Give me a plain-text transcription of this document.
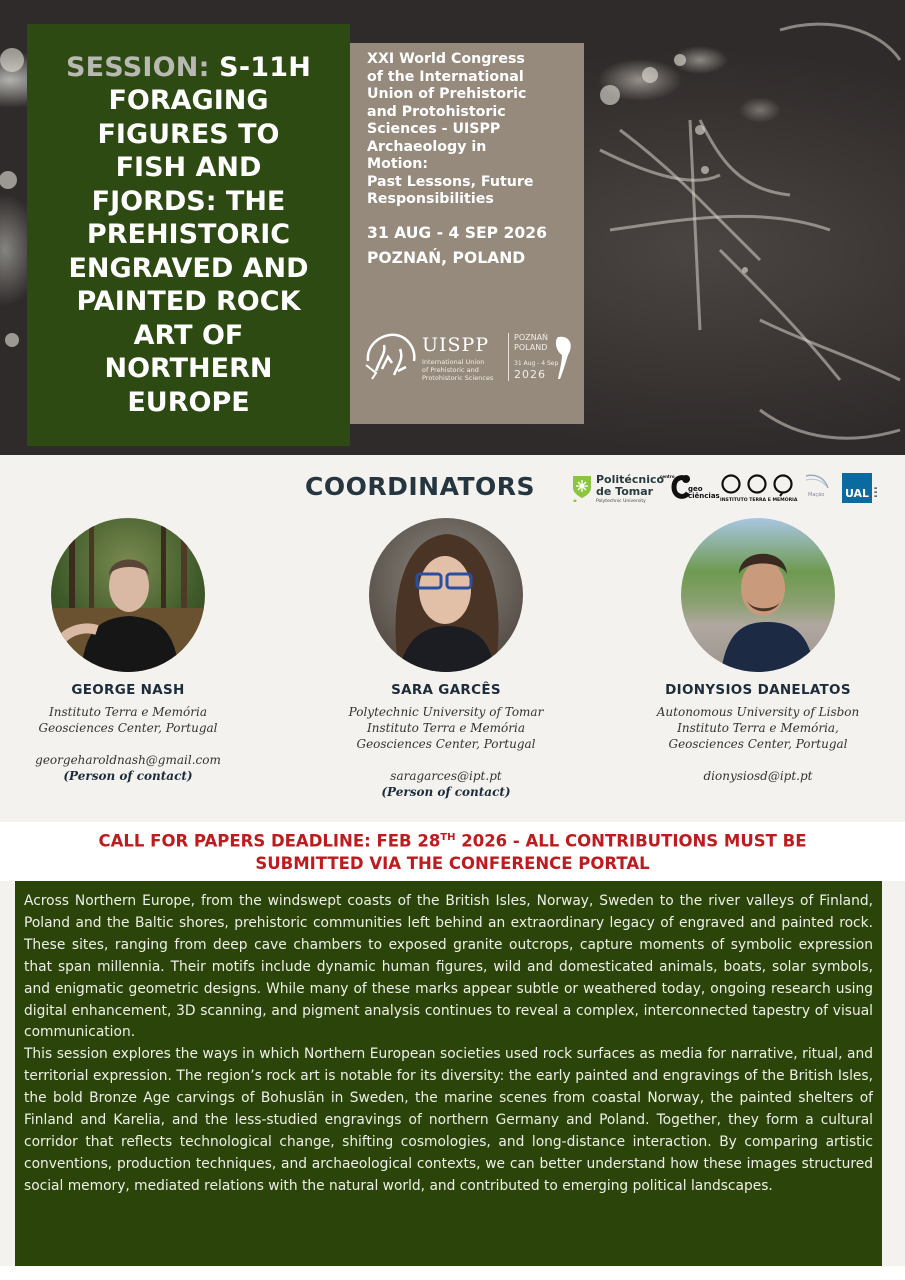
SESSION: S-11H
FORAGING
FIGURES TO
FISH AND
FJORDS: THE
PREHISTORIC
ENGRAVED AND
PAINTED ROCK
ART OF
NORTHERN
EUROPE
XXI World Congress
of the International
Union of Prehistoric
and Protohistoric
Sciences - UISPP
Archaeology in
Motion:
Past Lessons, Future
Responsibilities
31 AUG - 4 SEP 2026
POZNAŃ, POLAND
UISPP
International Union
of Prehistoric and
Protohistoric Sciences
POZNAŃ
POLAND
31 Aug - 4 Sep
2026
COORDINATORS	Politécnico
de Tomar
Polytechnic University
centro
geo
ciências
INSTITUTO TERRA E MEMÓRIA
Mação	UAL	▬
▬
▬
GEORGE NASH
Instituto Terra e Memória
Geosciences Center, Portugal
georgeharoldnash@gmail.com
(Person of contact)
SARA GARCÊS
Polytechnic University of Tomar
Instituto Terra e Memória
Geosciences Center, Portugal
saragarces@ipt.pt
(Person of contact)
DIONYSIOS DANELATOS
Autonomous University of Lisbon
Instituto Terra e Memória,
Geosciences Center, Portugal
dionysiosd@ipt.pt
CALL FOR PAPERS DEADLINE: FEB 28TH 2026 - ALL CONTRIBUTIONS MUST BE
SUBMITTED VIA THE CONFERENCE PORTAL

Across Northern Europe, from the windswept coasts of the British Isles, Norway, Sweden to the river valleys of Finland, Poland and the Baltic shores, prehistoric communities left behind an extraordinary legacy of engraved and painted rock. These sites, ranging from deep cave chambers to exposed granite outcrops, capture moments of symbolic expression that span millennia. Their motifs include dynamic human figures, wild and domesticated animals, boats, solar symbols, and enigmatic geometric designs. While many of these marks appear subtle or weathered today, ongoing research using digital enhancement, 3D scanning, and pigment analysis continues to reveal a complex, interconnected tapestry of visual communication.

This session explores the ways in which Northern European societies used rock surfaces as media for narrative, ritual, and territorial expression. The region’s rock art is notable for its diversity: the early painted and engravings of the British Isles, the bold Bronze Age carvings of Bohuslän in Sweden, the marine scenes from coastal Norway, the painted shelters of Finland and Karelia, and the less-studied engravings of northern Germany and Poland. Together, they form a cultural corridor that reflects technological change, shifting cosmologies, and long-distance interaction. By comparing artistic conventions, production techniques, and archaeological contexts, we can better understand how these images structured social memory, mediated relations with the natural world, and contributed to emerging political landscapes.
